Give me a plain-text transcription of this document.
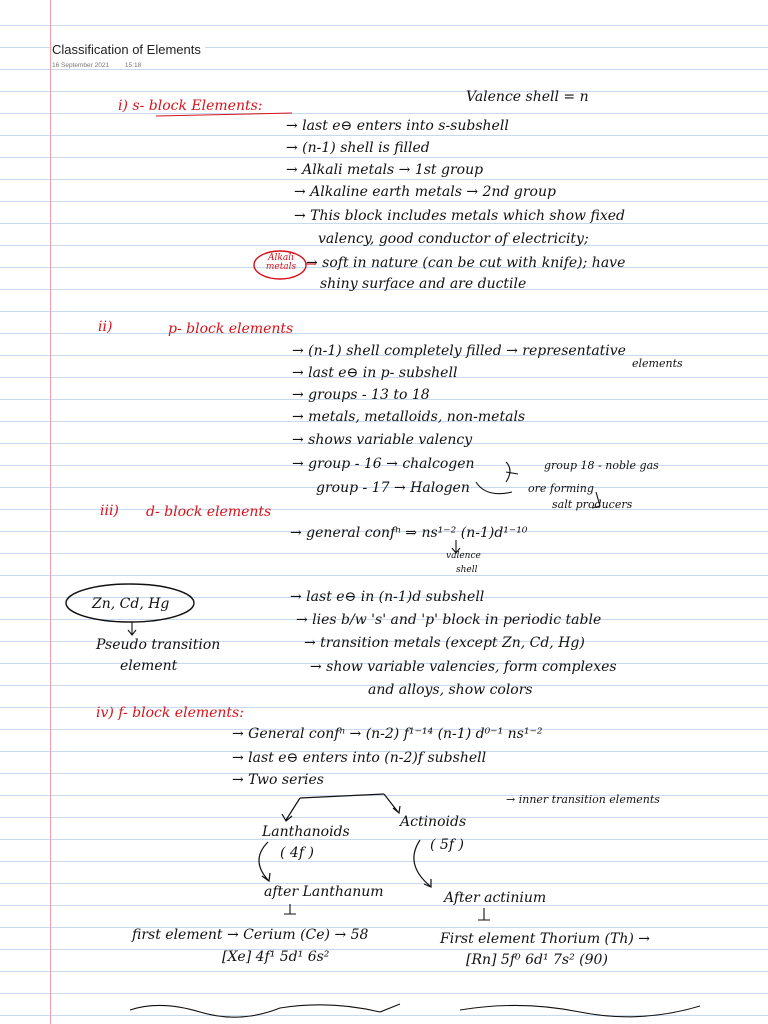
Classification of Elements
16 September 2021 15:18
Valence shell = n
i) s- block Elements:
→ last e⊖ enters into s-subshell
→ (n-1) shell is filled
→ Alkali metals → 1st group
→ Alkaline earth metals → 2nd group
→ This block includes metals which show fixed
valency, good conductor of electricity;
Alkali metals → soft in nature (can be cut with knife); have
shiny surface and are ductile
ii)	p- block elements
→ (n-1) shell completely filled → representative
elements
→ last e⊖ in p- subshell
→ groups - 13 to 18
→ metals, metalloids, non-metals
→ shows variable valency
→ group - 16 → chalcogen	group 18 - noble gas
group - 17 → Halogen	ore forming
salt producers
iii) d- block elements
→ general confⁿ ⇒ ns¹⁻² (n-1)d¹⁻¹⁰
valence
shell
Zn, Cd, Hg	→ last e⊖ in (n-1)d subshell
→ lies b/w 's' and 'p' block in periodic table
→ transition metals (except Zn, Cd, Hg)
→ show variable valencies, form complexes
and alloys, show colors
Pseudo transition
element
iv) f- block elements:
→ General confⁿ → (n-2) f¹⁻¹⁴ (n-1) d⁰⁻¹ ns¹⁻²
→ last e⊖ enters into (n-2)f subshell
→ Two series
→ inner transition elements
Lanthanoids
( 4f )
Actinoids
( 5f )
after Lanthanum	After actinium
first element → Cerium (Ce) → 58
[Xe] 4f¹ 5d¹ 6s²
First element Thorium (Th) →
[Rn] 5f⁰ 6d¹ 7s² (90)
